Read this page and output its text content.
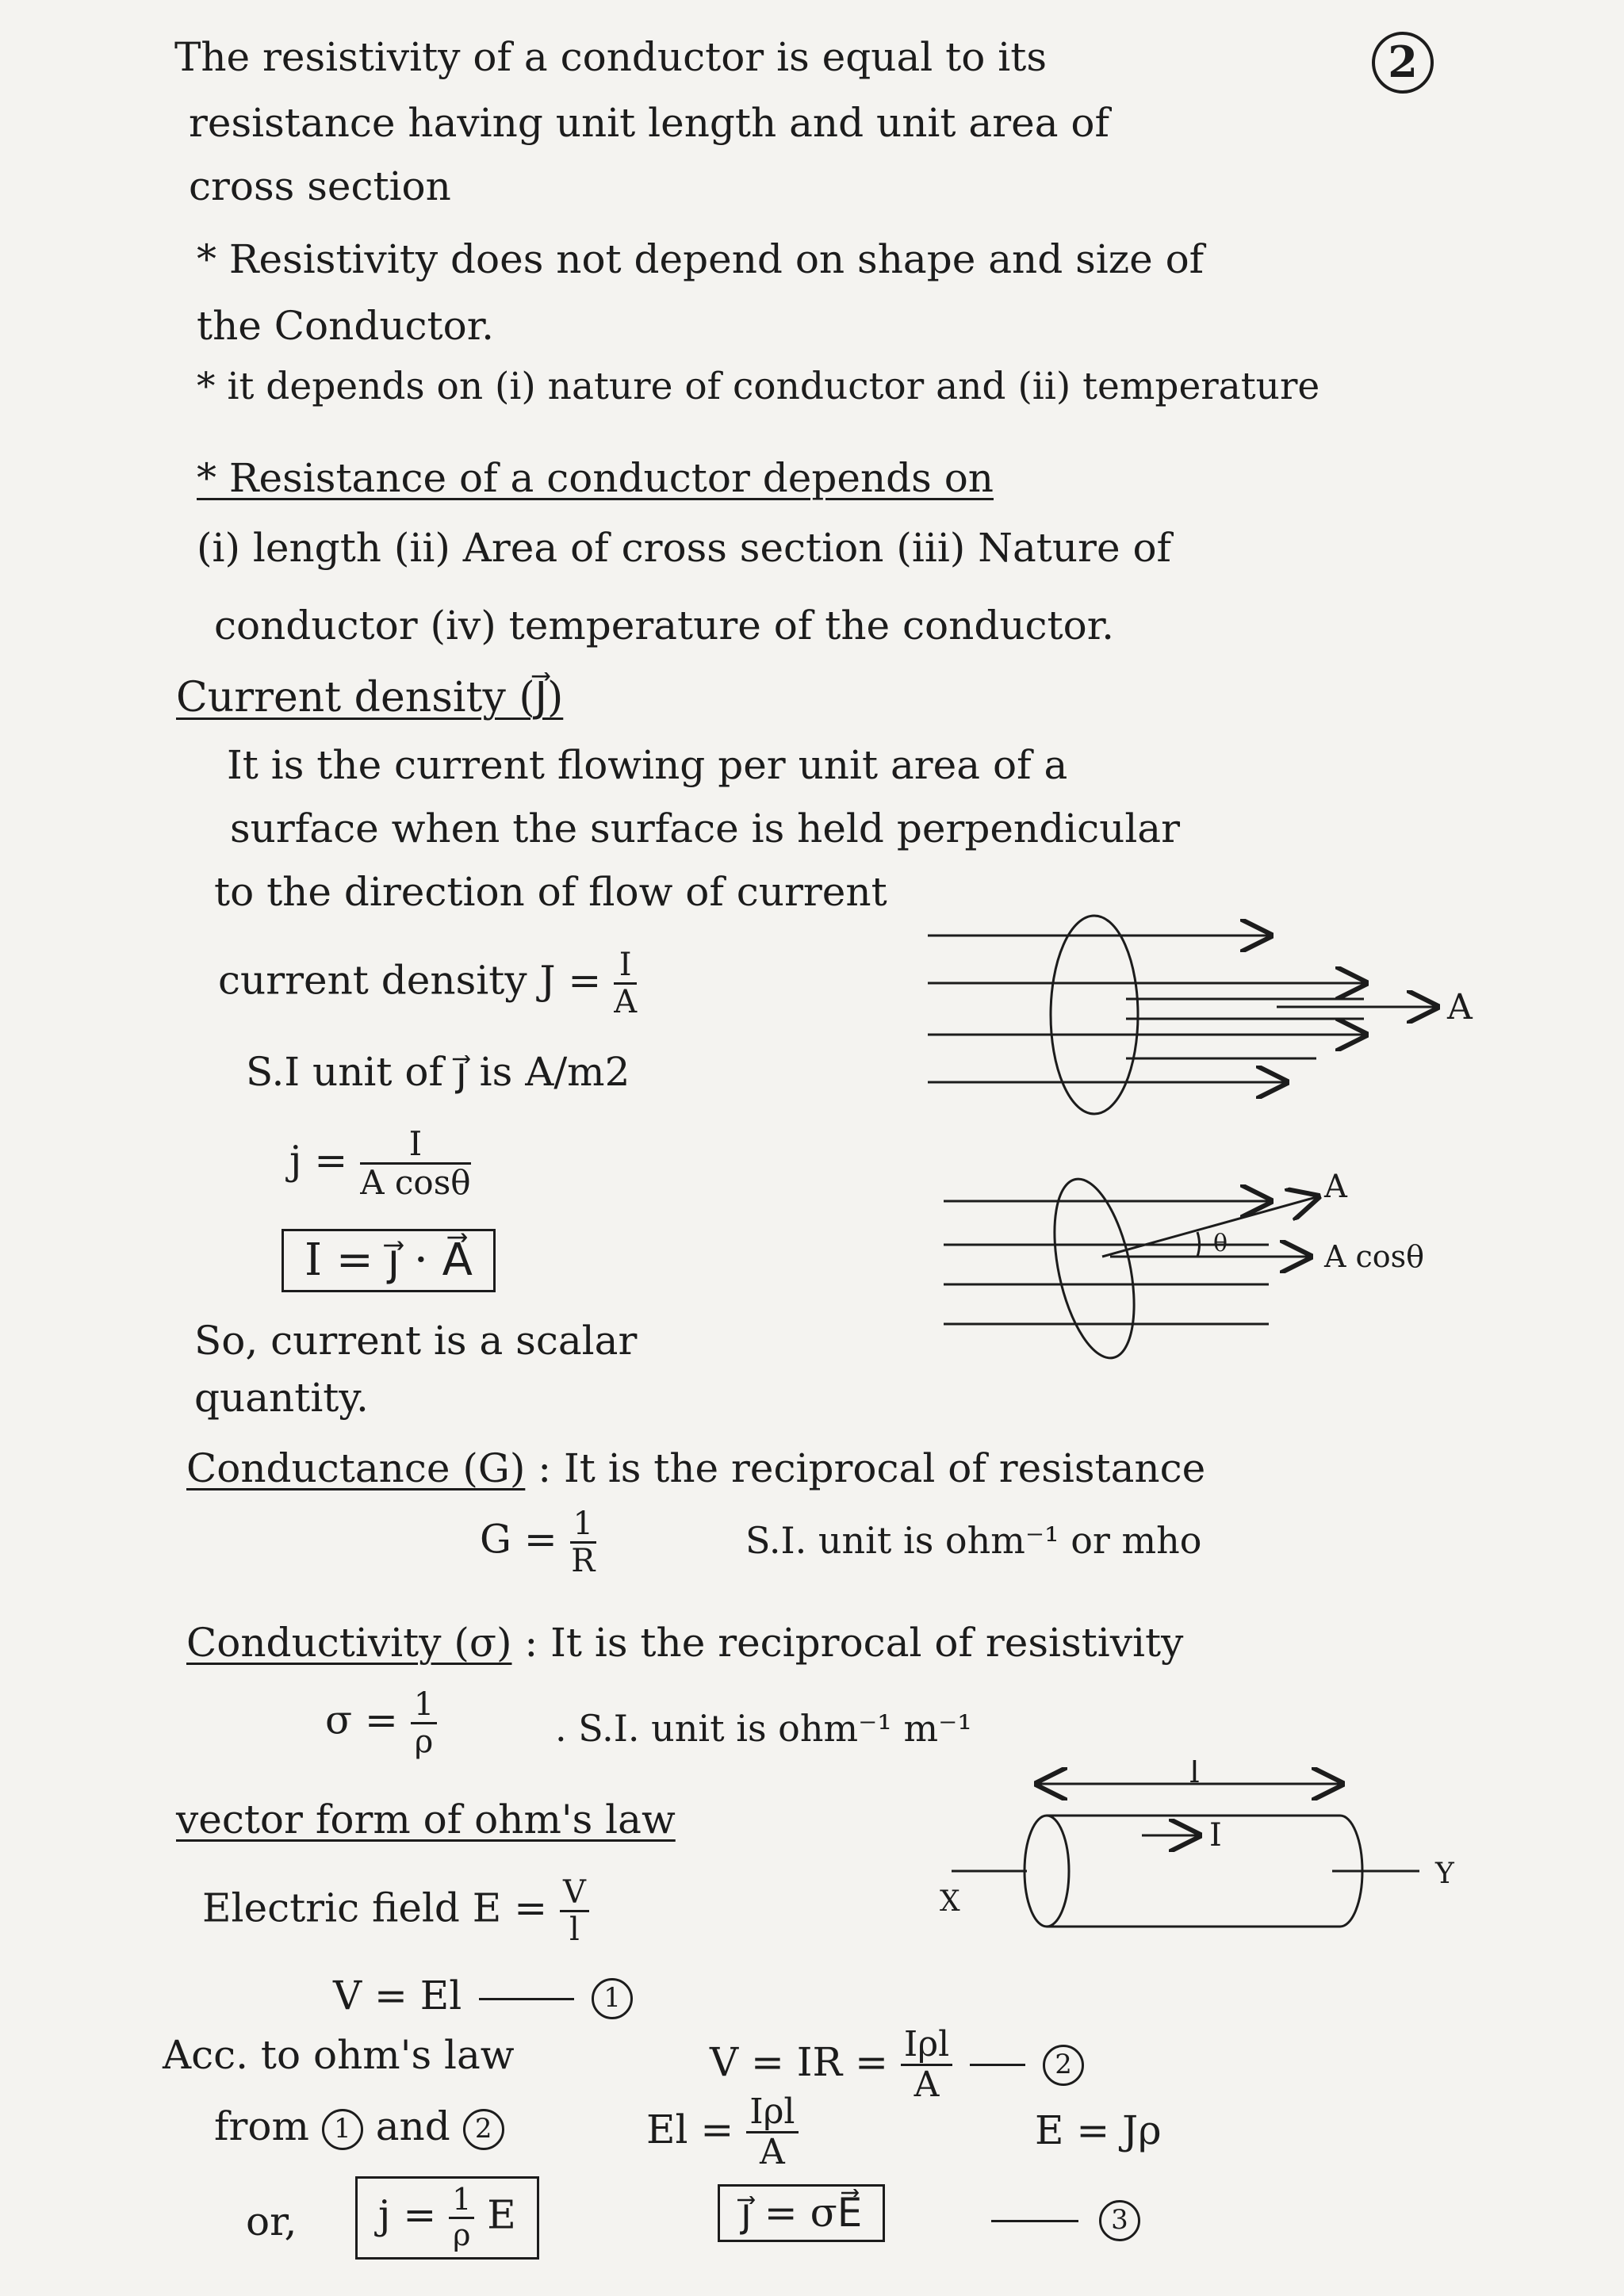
2
The resistivity of a conductor is equal to its
resistance having unit length and unit area of
cross section
* Resistivity does not depend on shape and size of
the Conductor.
* it depends on (i) nature of conductor and (ii) temperature
* Resistance of a conductor depends on
(i) length (ii) Area of cross section (iii) Nature of
conductor (iv) temperature of the conductor.
Current density (J⃗)
It is the current flowing per unit area of a
surface when the surface is held perpendicular
to the direction of flow of current
current density $J = \frac{I}{A}$
S.I unit of j⃗ is A/m2
$j = \frac{I}{\text{A cosθ}}$
I = j⃗ · A⃗
So, current is a scalar
quantity.
A
A
θ	A cosθ
Conductance (G) : It is the reciprocal of resistance
$G = \frac{1}{R}$	S.I. unit is ohm⁻¹ or mho
Conductivity (σ) : It is the reciprocal of resistivity
$\sigma = \frac{1}{\rho}$	. S.I. unit is ohm⁻¹ m⁻¹
vector form of ohm's law
Electric field $E = \frac{V}{l}$
l
I
X
Y
V = El	1
Acc. to ohm's law	V = IR = $\frac{\text{Iρl}}{A}$	2
from 1 and 2	$El = \frac{\text{Iρl}}{A}$	E = Jρ
or,	$j = \frac{1}{\rho}$ E	j⃗ = σE⃗	3
